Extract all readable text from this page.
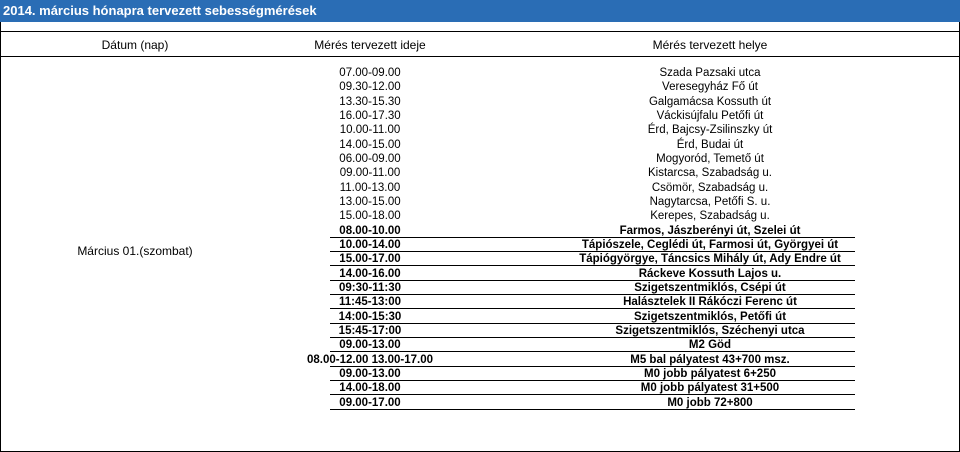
2014. március hónapra tervezett sebességmérések
Dátum (nap)	Mérés tervezett ideje	Mérés tervezett helye
Március 01.(szombat)
07.00-09.00	Szada Pazsaki utca
09.30-12.00	Veresegyház Fő út
13.30-15.30	Galgamácsa Kossuth út
16.00-17.30	Váckisújfalu Petőfi út
10.00-11.00	Érd, Bajcsy-Zsilinszky út
14.00-15.00	Érd, Budai út
06.00-09.00	Mogyoród, Temető út
09.00-11.00	Kistarcsa, Szabadság u.
11.00-13.00	Csömör, Szabadság u.
13.00-15.00	Nagytarcsa, Petőfi S. u.
15.00-18.00	Kerepes, Szabadság u.
08.00-10.00	Farmos, Jászberényi út, Szelei út
10.00-14.00	Tápiószele, Ceglédi út, Farmosi út, Györgyei út
15.00-17.00	Tápiógyörgye, Táncsics Mihály út, Ady Endre út
14.00-16.00	Ráckeve Kossuth Lajos u.
09:30-11:30	Szigetszentmiklós, Csépi út
11:45-13:00	Halásztelek II Rákóczi Ferenc út
14:00-15:30	Szigetszentmiklós, Petőfi út
15:45-17:00	Szigetszentmiklós, Széchenyi utca
09.00-13.00	M2 Göd
08.00-12.00 13.00-17.00	M5 bal pályatest 43+700 msz.
09.00-13.00	M0 jobb pályatest 6+250
14.00-18.00	M0 jobb pályatest 31+500
09.00-17.00	M0 jobb 72+800
